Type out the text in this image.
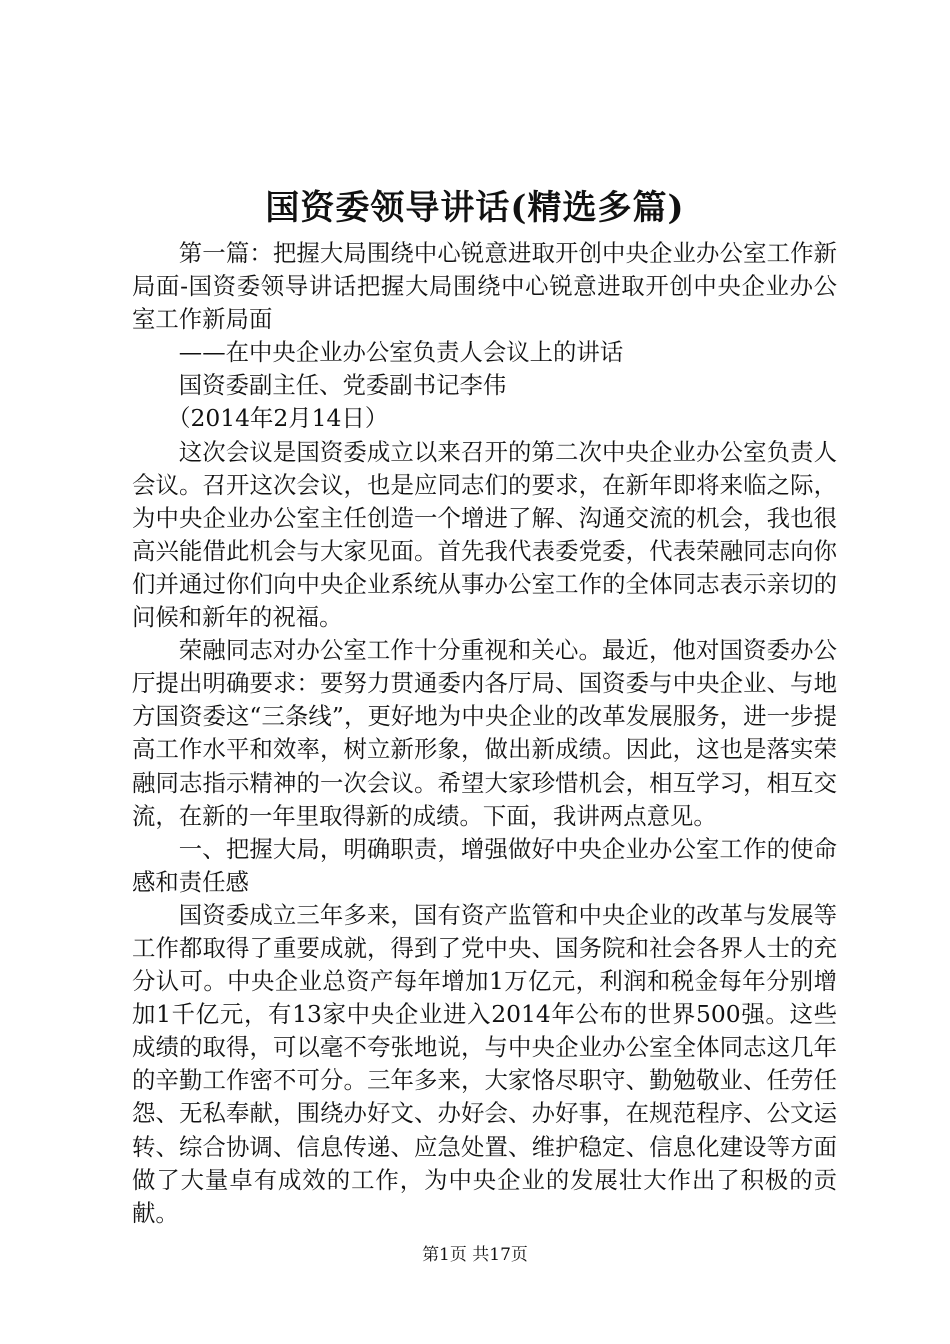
国资委领导讲话(精选多篇)

第一篇：把握大局围绕中心锐意进取开创中央企业办公室工作新局面-国资委领导讲话把握大局围绕中心锐意进取开创中央企业办公室工作新局面

——在中央企业办公室负责人会议上的讲话

国资委副主任、党委副书记李伟

（2014年2月14日）

这次会议是国资委成立以来召开的第二次中央企业办公室负责人会议。召开这次会议，也是应同志们的要求，在新年即将来临之际，为中央企业办公室主任创造一个增进了解、沟通交流的机会，我也很高兴能借此机会与大家见面。首先我代表委党委，代表荣融同志向你们并通过你们向中央企业系统从事办公室工作的全体同志表示亲切的问候和新年的祝福。

荣融同志对办公室工作十分重视和关心。最近，他对国资委办公厅提出明确要求：要努力贯通委内各厅局、国资委与中央企业、与地方国资委这“三条线”，更好地为中央企业的改革发展服务，进一步提高工作水平和效率，树立新形象，做出新成绩。因此，这也是落实荣融同志指示精神的一次会议。希望大家珍惜机会，相互学习，相互交流，在新的一年里取得新的成绩。下面，我讲两点意见。

一、把握大局，明确职责，增强做好中央企业办公室工作的使命感和责任感

国资委成立三年多来，国有资产监管和中央企业的改革与发展等工作都取得了重要成就，得到了党中央、国务院和社会各界人士的充分认可。中央企业总资产每年增加1万亿元，利润和税金每年分别增加1千亿元，有13家中央企业进入2014年公布的世界500强。这些成绩的取得，可以毫不夸张地说，与中央企业办公室全体同志这几年的辛勤工作密不可分。三年多来，大家恪尽职守、勤勉敬业、任劳任怨、无私奉献，围绕办好文、办好会、办好事，在规范程序、公文运转、综合协调、信息传递、应急处置、维护稳定、信息化建设等方面做了大量卓有成效的工作，为中央企业的发展壮大作出了积极的贡献。

第1页 共17页
